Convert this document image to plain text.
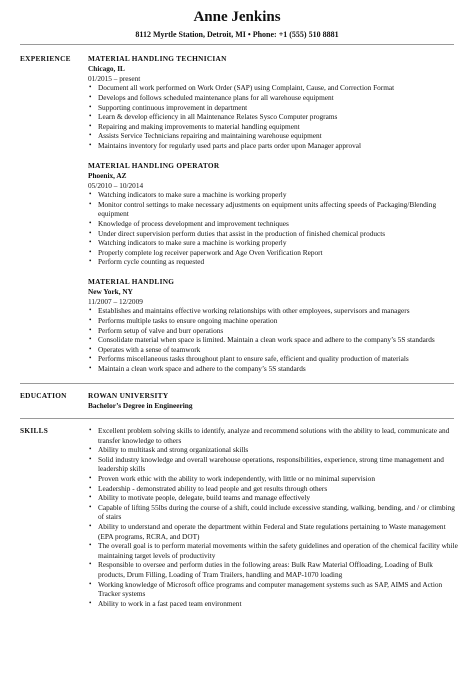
Anne Jenkins
8112 Myrtle Station, Detroit, MI • Phone: +1 (555) 510 8881
EXPERIENCE	MATERIAL HANDLING TECHNICIAN
Chicago, IL
01/2015 – present
• Document all work performed on Work Order (SAP) using Complaint, Cause, and Correction Format
• Develops and follows scheduled maintenance plans for all warehouse equipment
• Supporting continuous improvement in department
• Learn & develop efficiency in all Maintenance Relates Sysco Computer programs
• Repairing and making improvements to material handling equipment
• Assists Service Technicians repairing and maintaining warehouse equipment
• Maintains inventory for regularly used parts and place parts order upon Manager approval
MATERIAL HANDLING OPERATOR
Phoenix, AZ
05/2010 – 10/2014
• Watching indicators to make sure a machine is working properly
• Monitor control settings to make necessary adjustments on equipment units affecting speeds of Packaging/Blending equipment
• Knowledge of process development and improvement techniques
• Under direct supervision perform duties that assist in the production of finished chemical products
• Watching indicators to make sure a machine is working properly
• Properly complete log receiver paperwork and Age Oven Verification Report
• Perform cycle counting as requested
MATERIAL HANDLING
New York, NY
11/2007 – 12/2009
• Establishes and maintains effective working relationships with other employees, supervisors and managers
• Performs multiple tasks to ensure ongoing machine operation
• Perform setup of valve and burr operations
• Consolidate material when space is limited. Maintain a clean work space and adhere to the company’s 5S standards
• Operates with a sense of teamwork
• Performs miscellaneous tasks throughout plant to ensure safe, efficient and quality production of materials
• Maintain a clean work space and adhere to the company’s 5S standards
EDUCATION	ROWAN UNIVERSITY
Bachelor’s Degree in Engineering
SKILLS	• Excellent problem solving skills to identify, analyze and recommend solutions with the ability to lead, communicate and transfer knowledge to others
• Ability to multitask and strong organizational skills
• Solid industry knowledge and overall warehouse operations, responsibilities, experience, strong time management and leadership skills
• Proven work ethic with the ability to work independently, with little or no minimal supervision
• Leadership - demonstrated ability to lead people and get results through others
• Ability to motivate people, delegate, build teams and manage effectively
• Capable of lifting 55lbs during the course of a shift, could include excessive standing, walking, bending, and / or climbing of stairs
• Ability to understand and operate the department within Federal and State regulations pertaining to Waste management (EPA programs, RCRA, and DOT)
• The overall goal is to perform material movements within the safety guidelines and operation of the chemical facility while maintaining target levels of productivity
• Responsible to oversee and perform duties in the following areas: Bulk Raw Material Offloading, Loading of Bulk products, Drum Filling, Loading of Tram Trailers, handling and MAP-1070 loading
• Working knowledge of Microsoft office programs and computer management systems such as SAP, AIMS and Action Tracker systems
• Ability to work in a fast paced team environment
